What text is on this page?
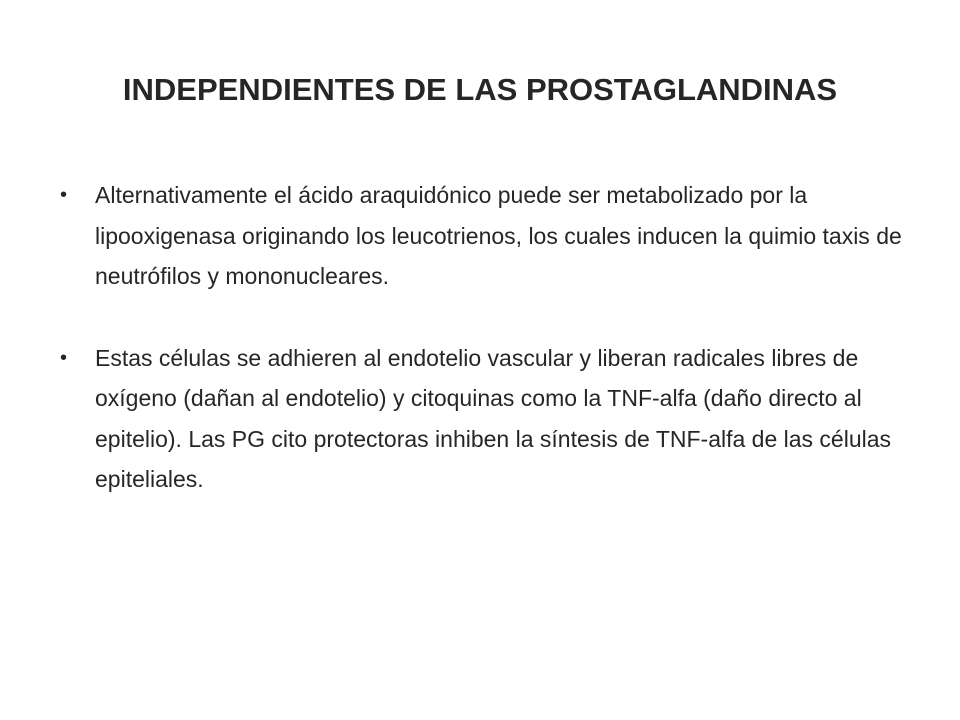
INDEPENDIENTES DE LAS PROSTAGLANDINAS
•	Alternativamente el ácido araquidónico puede ser metabolizado por la lipooxigenasa originando los leucotrienos, los cuales inducen la quimio taxis de neutrófilos y mononucleares.
•	Estas células se adhieren al endotelio vascular y liberan radicales libres de oxígeno (dañan al endotelio) y citoquinas como la TNF-alfa (daño directo al epitelio). Las PG cito protectoras inhiben la síntesis de TNF-alfa de las células epiteliales.
